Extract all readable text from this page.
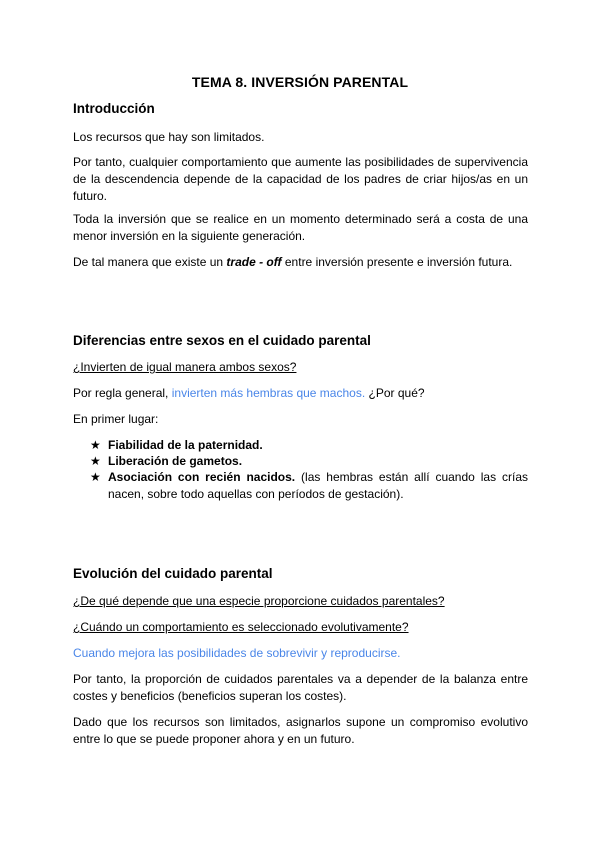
TEMA 8. INVERSIÓN PARENTAL
Introducción
Los recursos que hay son limitados.
Por tanto, cualquier comportamiento que aumente las posibilidades de supervivencia de la descendencia depende de la capacidad de los padres de criar hijos/as en un futuro.
Toda la inversión que se realice en un momento determinado será a costa de una menor inversión en la siguiente generación.
De tal manera que existe un trade - off entre inversión presente e inversión futura.
Diferencias entre sexos en el cuidado parental
¿Invierten de igual manera ambos sexos?
Por regla general, invierten más hembras que machos. ¿Por qué?
En primer lugar:
★ Fiabilidad de la paternidad.
★ Liberación de gametos.
★ Asociación con recién nacidos. (las hembras están allí cuando las crías nacen, sobre todo aquellas con períodos de gestación).
Evolución del cuidado parental
¿De qué depende que una especie proporcione cuidados parentales?
¿Cuándo un comportamiento es seleccionado evolutivamente?
Cuando mejora las posibilidades de sobrevivir y reproducirse.
Por tanto, la proporción de cuidados parentales va a depender de la balanza entre costes y beneficios (beneficios superan los costes).
Dado que los recursos son limitados, asignarlos supone un compromiso evolutivo entre lo que se puede proponer ahora y en un futuro.
